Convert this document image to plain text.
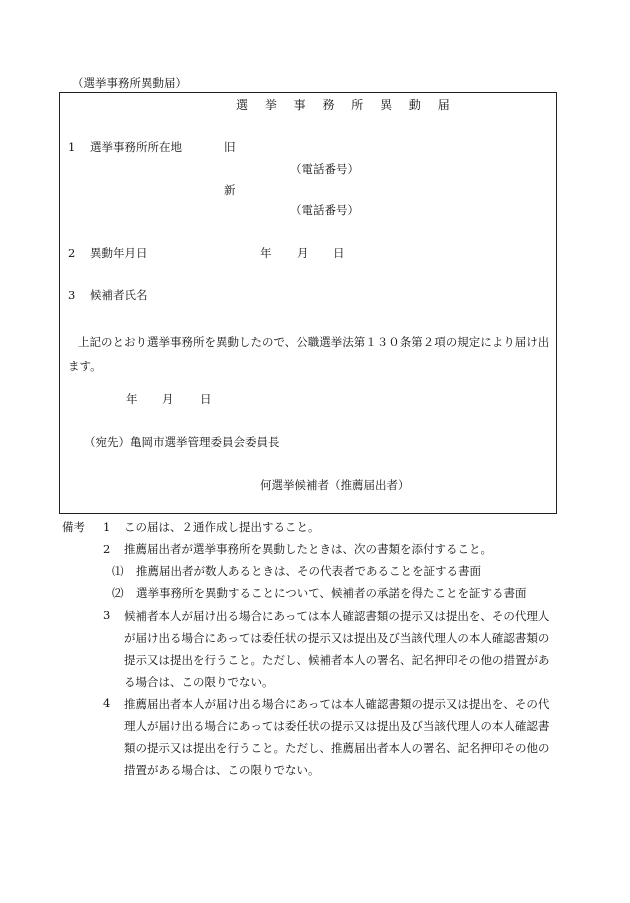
（選挙事務所異動届）
選 挙 事 務 所 異 動 届
1 選挙事務所所在地	旧
（電話番号）
新
（電話番号）
2 異動年月日	年 月 日
3 候補者氏名
上記のとおり選挙事務所を異動したので、公職選挙法第１３０条第２項の規定により届け出ます。
年 月 日
（宛先）亀岡市選挙管理委員会委員長
何選挙候補者（推薦届出者）
備考 1 この届は、２通作成し提出すること。
2 推薦届出者が選挙事務所を異動したときは、次の書類を添付すること。
⑴ 推薦届出者が数人あるときは、その代表者であることを証する書面
⑵ 選挙事務所を異動することについて、候補者の承諾を得たことを証する書面
3 候補者本人が届け出る場合にあっては本人確認書類の提示又は提出を、その代理人が届け出る場合にあっては委任状の提示又は提出及び当該代理人の本人確認書類の提示又は提出を行うこと。ただし、候補者本人の署名、記名押印その他の措置がある場合は、この限りでない。
4 推薦届出者本人が届け出る場合にあっては本人確認書類の提示又は提出を、その代理人が届け出る場合にあっては委任状の提示又は提出及び当該代理人の本人確認書類の提示又は提出を行うこと。ただし、推薦届出者本人の署名、記名押印その他の措置がある場合は、この限りでない。
